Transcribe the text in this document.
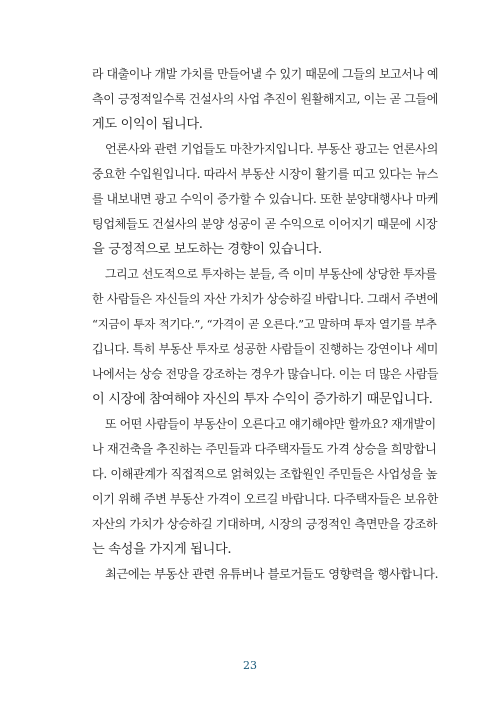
라 대출이나 개발 가치를 만들어낼 수 있기 때문에 그들의 보고서나 예
측이 긍정적일수록 건설사의 사업 추진이 원활해지고, 이는 곧 그들에
게도 이익이 됩니다.
언론사와 관련 기업들도 마찬가지입니다. 부동산 광고는 언론사의
중요한 수입원입니다. 따라서 부동산 시장이 활기를 띠고 있다는 뉴스
를 내보내면 광고 수익이 증가할 수 있습니다. 또한 분양대행사나 마케
팅업체들도 건설사의 분양 성공이 곧 수익으로 이어지기 때문에 시장
을 긍정적으로 보도하는 경향이 있습니다.
그리고 선도적으로 투자하는 분들, 즉 이미 부동산에 상당한 투자를
한 사람들은 자신들의 자산 가치가 상승하길 바랍니다. 그래서 주변에
“지금이 투자 적기다.”, “가격이 곧 오른다.”고 말하며 투자 열기를 부추
깁니다. 특히 부동산 투자로 성공한 사람들이 진행하는 강연이나 세미
나에서는 상승 전망을 강조하는 경우가 많습니다. 이는 더 많은 사람들
이 시장에 참여해야 자신의 투자 수익이 증가하기 때문입니다.
또 어떤 사람들이 부동산이 오른다고 얘기해야만 할까요? 재개발이
나 재건축을 추진하는 주민들과 다주택자들도 가격 상승을 희망합니
다. 이해관계가 직접적으로 얽혀있는 조합원인 주민들은 사업성을 높
이기 위해 주변 부동산 가격이 오르길 바랍니다. 다주택자들은 보유한
자산의 가치가 상승하길 기대하며, 시장의 긍정적인 측면만을 강조하
는 속성을 가지게 됩니다.
최근에는 부동산 관련 유튜버나 블로거들도 영향력을 행사합니다.
23
